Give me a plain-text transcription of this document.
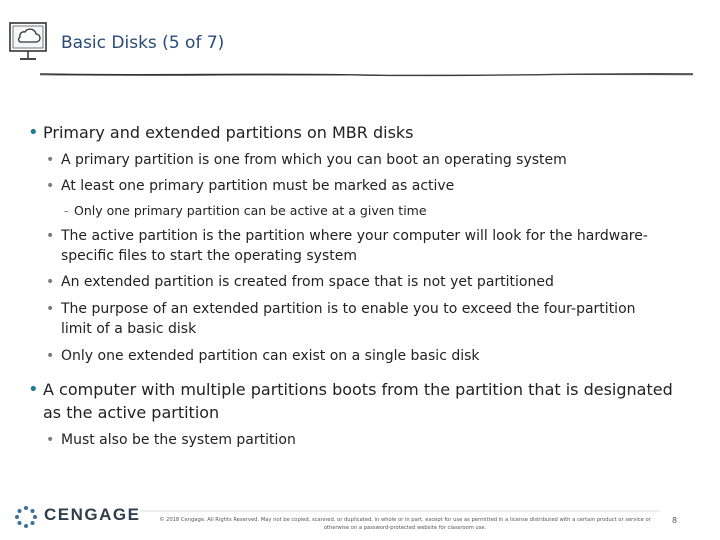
Basic Disks (5 of 7)
• Primary and extended partitions on MBR disks
• A primary partition is one from which you can boot an operating system
• At least one primary partition must be marked as active
- Only one primary partition can be active at a given time
• The active partition is the partition where your computer will look for the hardware-
specific files to start the operating system
• An extended partition is created from space that is not yet partitioned
• The purpose of an extended partition is to enable you to exceed the four-partition
limit of a basic disk
• Only one extended partition can exist on a single basic disk
• A computer with multiple partitions boots from the partition that is designated
as the active partition
• Must also be the system partition
CENGAGE	© 2018 Cengage. All Rights Reserved. May not be copied, scanned, or duplicated, in whole or in part, except for use as permitted in a license distributed with a certain product or service or
otherwise on a password-protected website for classroom use.
8
